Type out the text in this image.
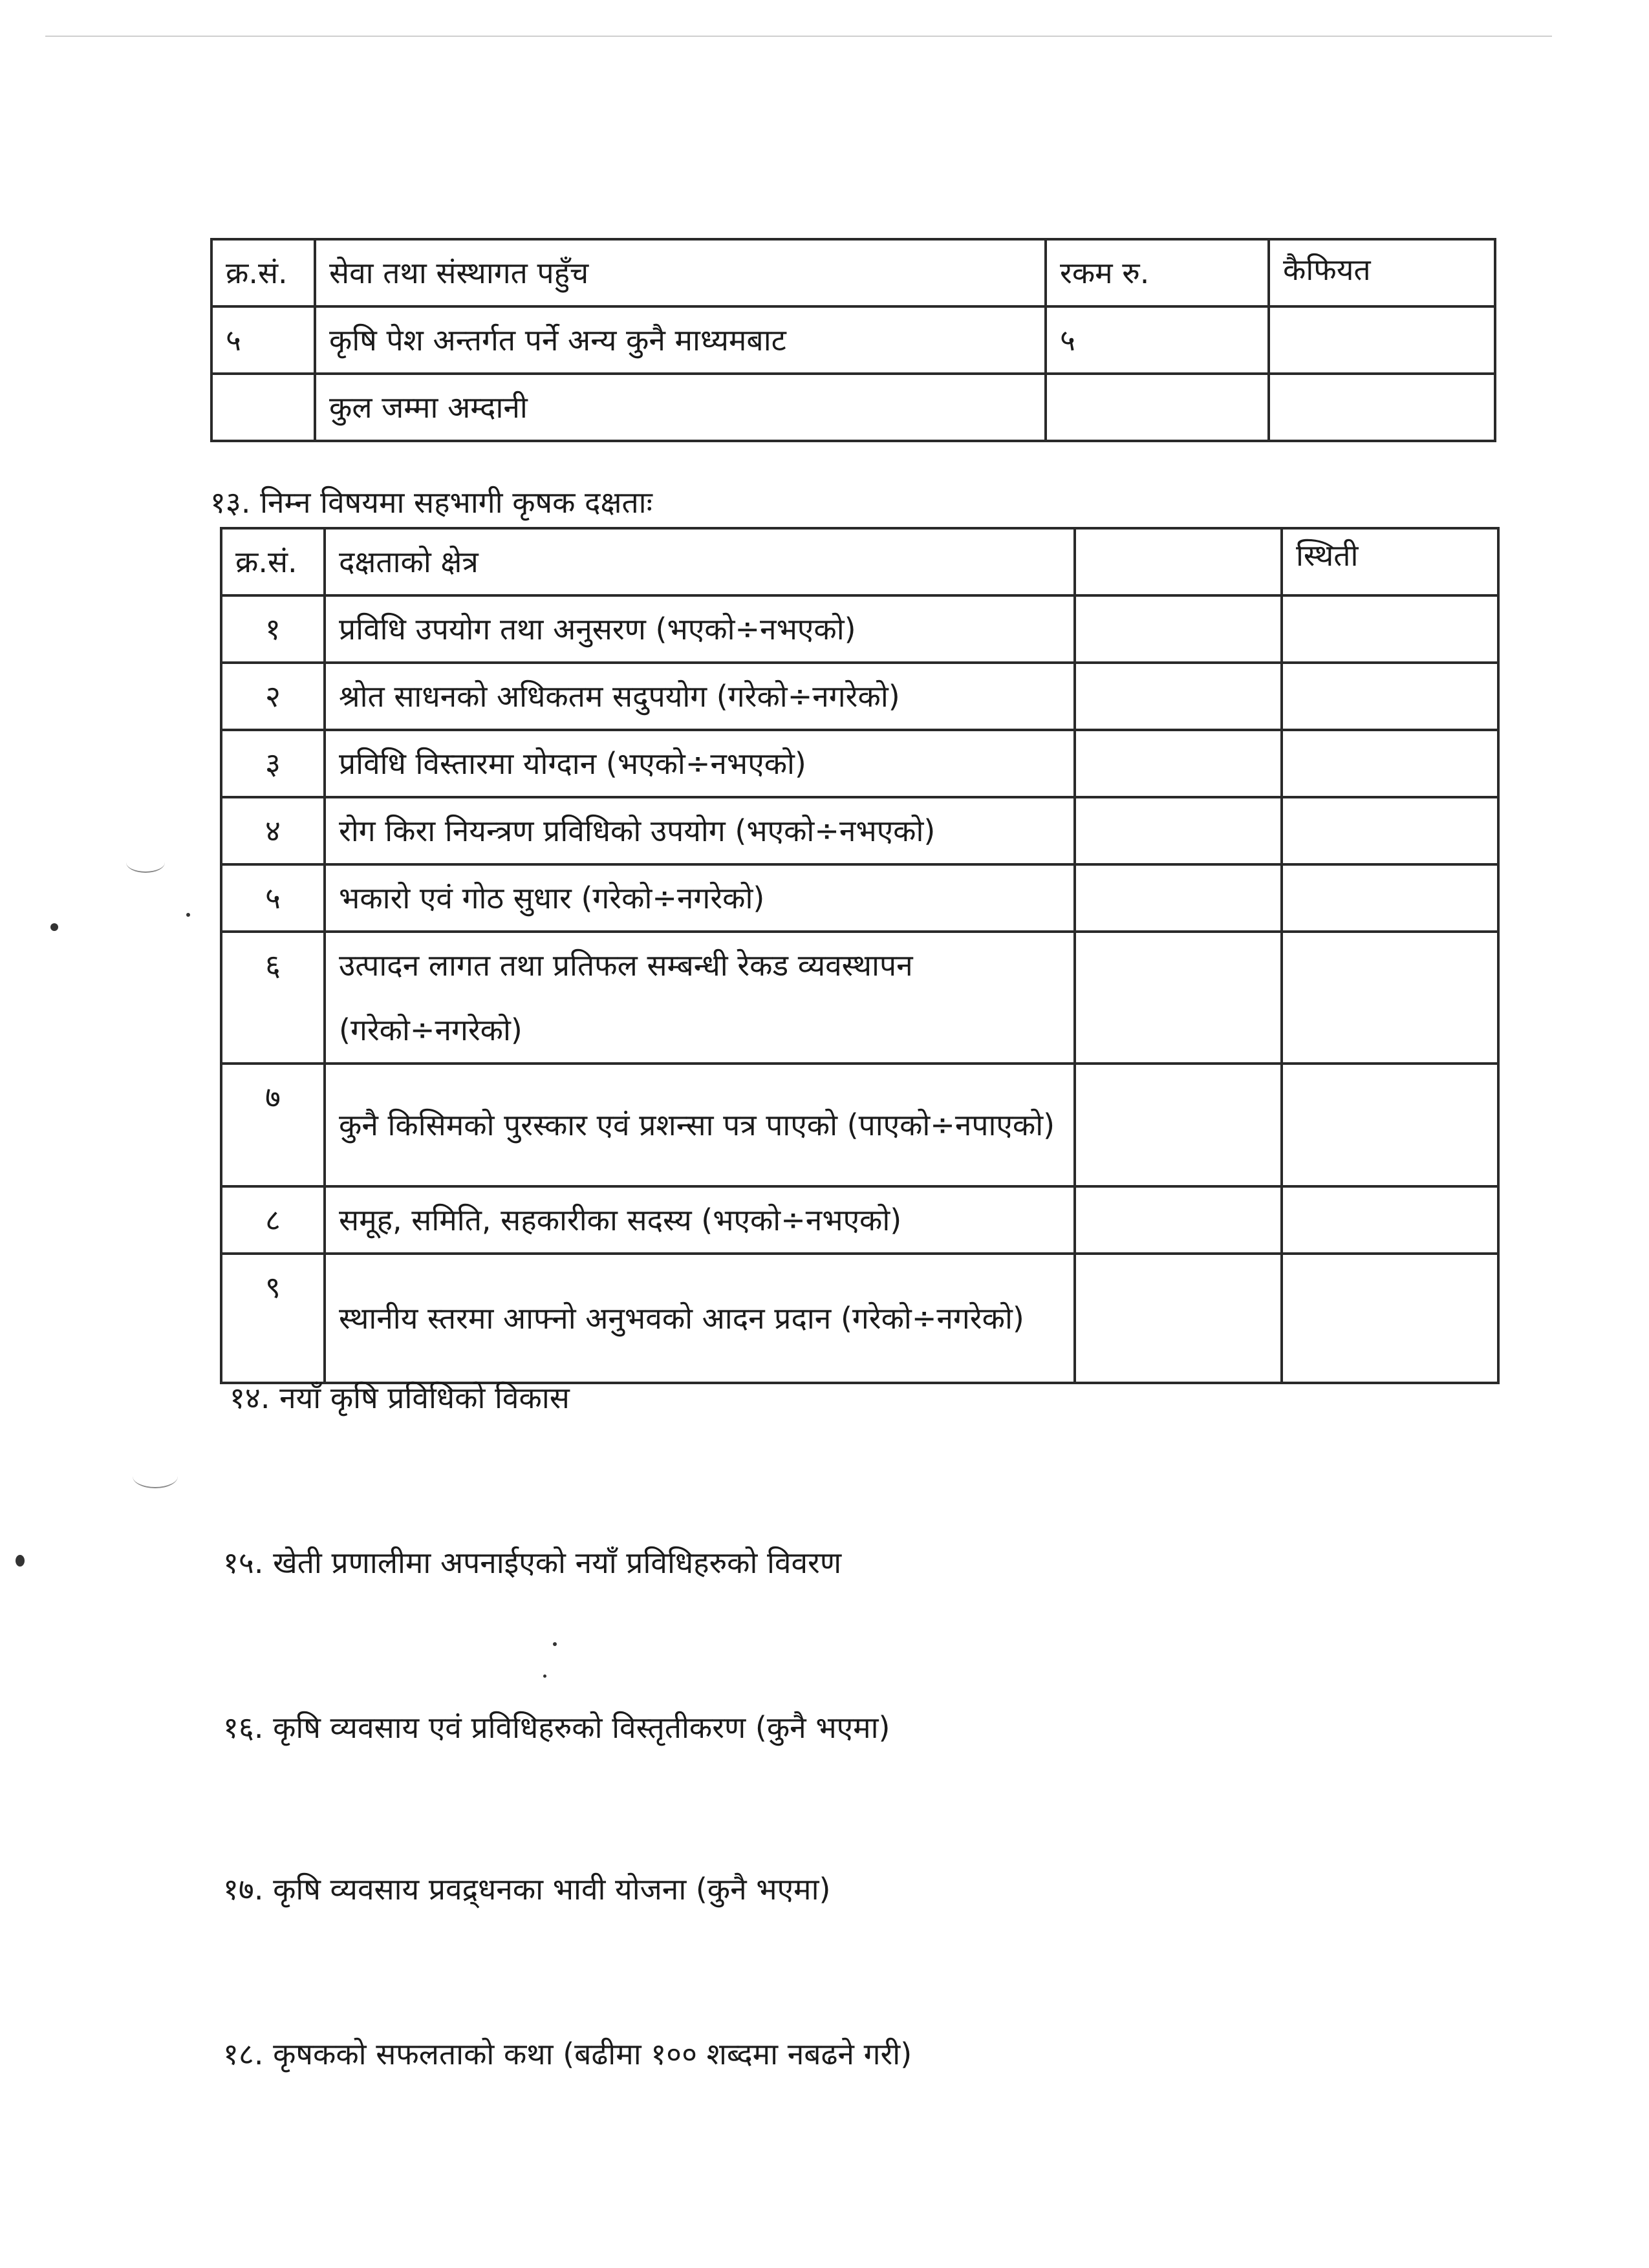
क्र.सं.	सेवा तथा संस्थागत पहुँच	रकम रु.	कैफियत
५	कृषि पेश अन्तर्गत पर्ने अन्य कुनै माध्यमबाट	५	
	कुल जम्मा अम्दानी		
१३. निम्न विषयमा सहभागी कृषक दक्षताः
क्र.सं.	दक्षताको क्षेत्र		स्थिती
१	प्रविधि उपयोग तथा अनुसरण (भएको÷नभएको)		
२	श्रोत साधनको अधिकतम सदुपयोग (गरेको÷नगरेको)		
३	प्रविधि विस्तारमा योग्दान (भएको÷नभएको)		
४	रोग किरा नियन्त्रण प्रविधिको उपयोग (भएको÷नभएको)		
५	भकारो एवं गोठ सुधार (गरेको÷नगरेको)		
६	उत्पादन लागत तथा प्रतिफल सम्बन्धी रेकड व्यवस्थापन (गरेको÷नगरेको)		
७	कुनै किसिमको पुरस्कार एवं प्रशन्सा पत्र पाएको (पाएको÷नपाएको)		
८	समूह, समिति, सहकारीका सदस्य (भएको÷नभएको)		
९	स्थानीय स्तरमा आफ्नो अनुभवको आदन प्रदान (गरेको÷नगरेको)		
१४. नयाँ कृषि प्रविधिको विकास
१५. खेती प्रणालीमा अपनाईएको नयाँ प्रविधिहरुको विवरण
१६. कृषि व्यवसाय एवं प्रविधिहरुको विस्तृतीकरण (कुनै भएमा)
१७. कृषि व्यवसाय प्रवद्र्धनका भावी योजना (कुनै भएमा)
१८. कृषकको सफलताको कथा (बढीमा १०० शब्दमा नबढने गरी)
